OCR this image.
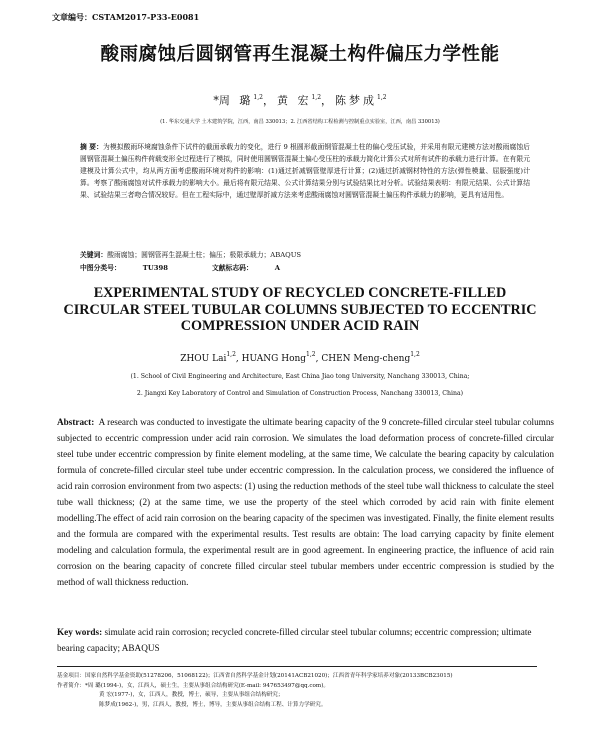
文章编号：CSTAM2017-P33-E0081
酸雨腐蚀后圆钢管再生混凝土构件偏压力学性能
*周 璐$^{1,2}$，黄 宏$^{1,2}$，陈梦成$^{1,2}$
(1. 华东交通大学 土木建筑学院，江西，南昌 330013；2. 江西省结构工程检测与控制重点实验室，江西，南昌 330013)
摘 要：为模拟酸雨环境腐蚀条件下试件的截面承载力的变化，进行 9 根圆形截面钢管混凝土柱的偏心受压试验，并采用有限元建模方法对酸雨腐蚀后圆钢管混凝土偏压构件荷载变形全过程进行了模拟，同时使用圆钢管混凝土偏心受压柱的承载力简化计算公式对所有试件的承载力进行计算。在有限元建模及计算公式中，均从两方面考虑酸雨环境对构件的影响：(1)通过折减钢管壁厚进行计算；(2)通过折减钢材特性的方法(弹性模量、屈服强度)计算。考察了酸雨腐蚀对试件承载力的影响大小。最后将有限元结果、公式计算结果分别与试验结果比对分析。试验结果表明：有限元结果、公式计算结果、试验结果三者吻合情况较好。但在工程实际中，通过壁厚折减方法来考虑酸雨腐蚀对圆钢管混凝土偏压构件承载力的影响，更具有适用性。
关键词：酸雨腐蚀；圆钢管再生混凝土柱；偏压；极限承载力；ABAQUS
中图分类号：	TU398	文献标志码：	A
EXPERIMENTAL STUDY OF RECYCLED CONCRETE-FILLED
CIRCULAR STEEL TUBULAR COLUMNS SUBJECTED TO ECCENTRIC
COMPRESSION UNDER ACID RAIN
ZHOU Lai$^{1,2}$, HUANG Hong$^{1,2}$, CHEN Meng-cheng$^{1,2}$
(1. School of Civil Engineering and Architecture, East China Jiao tong University, Nanchang 330013, China;
2. Jiangxi Key Laboratory of Control and Simulation of Construction Process, Nanchang 330013, China)
Abstract: A research was conducted to investigate the ultimate bearing capacity of the 9 concrete-filled circular steel tubular columns subjected to eccentric compression under acid rain corrosion. We simulates the load deformation process of concrete-filled circular steel tube under eccentric compression by finite element modeling, at the same time, We calculate the bearing capacity by calculation formula of concrete-filled circular steel tube under eccentric compression. In the calculation process, we considered the influence of acid rain corrosion environment from two aspects: (1) using the reduction methods of the steel tube wall thickness to calculate the steel tube wall thickness; (2) at the same time, we use the property of the steel which corroded by acid rain with finite element modelling.The effect of acid rain corrosion on the bearing capacity of the specimen was investigated. Finally, the finite element results and the formula are compared with the experimental results. Test results are obtain: The load carrying capacity by finite element modeling and calculation formula, the experimental result are in good agreement. In engineering practice, the influence of acid rain corrosion on the bearing capacity of concrete filled circular steel tubular members under eccentric compression is studied by the method of wall thickness reduction.
Key words: simulate acid rain corrosion; recycled concrete-filled circular steel tubular columns; eccentric compression; ultimate bearing capacity; ABAQUS
基金项目：国家自然科学基金资助(51278206，51068122)；江西省自然科学基金计划(20141ACB21020)；江西省青年科学家培养对象(20133BCB23015)
作者简介：*周 璐(1994-)，女，江西人，硕士生，主要从事组合结构研究(E-mail: 947653497@qq.com)。
黄 宏(1977-)，女，江西人，教授，博士，硕导，主要从事组合结构研究；
陈梦成(1962-)，男，江西人，教授，博士，博导，主要从事组合结构工程、计算力学研究。
